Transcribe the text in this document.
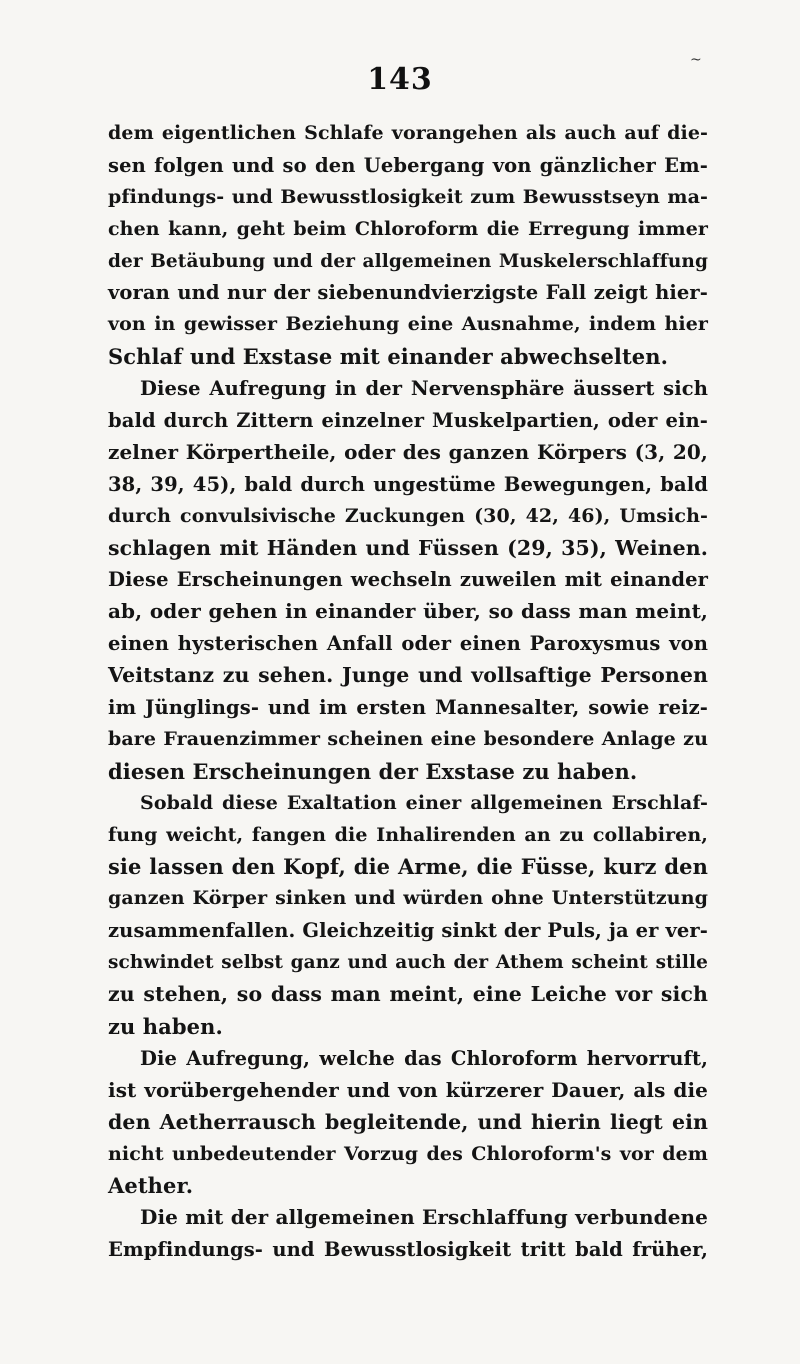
143
~
dem eigentlichen Schlafe vorangehen als auch auf die-
sen folgen und so den Uebergang von gänzlicher Em-
pfindungs- und Bewusstlosigkeit zum Bewusstseyn ma-
chen kann, geht beim Chloroform die Erregung immer
der Betäubung und der allgemeinen Muskelerschlaffung
voran und nur der siebenundvierzigste Fall zeigt hier-
von in gewisser Beziehung eine Ausnahme, indem hier
Schlaf und Exstase mit einander abwechselten.
Diese Aufregung in der Nervensphäre äussert sich
bald durch Zittern einzelner Muskelpartien, oder ein-
zelner Körpertheile, oder des ganzen Körpers (3, 20,
38, 39, 45), bald durch ungestüme Bewegungen, bald
durch convulsivische Zuckungen (30, 42, 46), Umsich-
schlagen mit Händen und Füssen (29, 35), Weinen.
Diese Erscheinungen wechseln zuweilen mit einander
ab, oder gehen in einander über, so dass man meint,
einen hysterischen Anfall oder einen Paroxysmus von
Veitstanz zu sehen. Junge und vollsaftige Personen
im Jünglings- und im ersten Mannesalter, sowie reiz-
bare Frauenzimmer scheinen eine besondere Anlage zu
diesen Erscheinungen der Exstase zu haben.
Sobald diese Exaltation einer allgemeinen Erschlaf-
fung weicht, fangen die Inhalirenden an zu collabiren,
sie lassen den Kopf, die Arme, die Füsse, kurz den
ganzen Körper sinken und würden ohne Unterstützung
zusammenfallen. Gleichzeitig sinkt der Puls, ja er ver-
schwindet selbst ganz und auch der Athem scheint stille
zu stehen, so dass man meint, eine Leiche vor sich
zu haben.
Die Aufregung, welche das Chloroform hervorruft,
ist vorübergehender und von kürzerer Dauer, als die
den Aetherrausch begleitende, und hierin liegt ein
nicht unbedeutender Vorzug des Chloroform's vor dem
Aether.
Die mit der allgemeinen Erschlaffung verbundene
Empfindungs- und Bewusstlosigkeit tritt bald früher,
